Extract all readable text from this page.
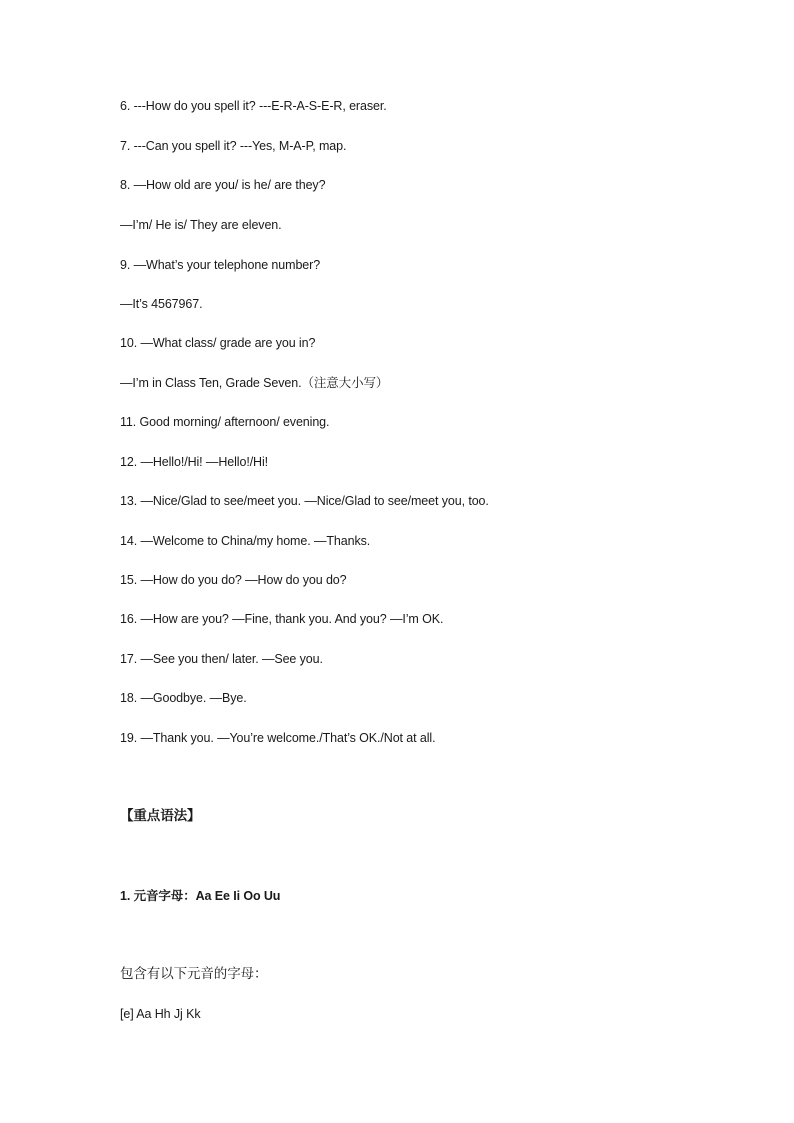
6. ---How do you spell it? ---E-R-A-S-E-R, eraser.
7. ---Can you spell it? ---Yes, M-A-P, map.
8. —How old are you/ is he/ are they?
—I’m/ He is/ They are eleven.
9. —What’s your telephone number?
—It’s 4567967.
10. —What class/ grade are you in?
—I’m in Class Ten, Grade Seven.（注意大小写）
11. Good morning/ afternoon/ evening.
12. —Hello!/Hi! —Hello!/Hi!
13. —Nice/Glad to see/meet you. —Nice/Glad to see/meet you, too.
14. —Welcome to China/my home. —Thanks.
15. —How do you do? —How do you do?
16. —How are you? —Fine, thank you. And you? —I’m OK.
17. —See you then/ later. —See you.
18. —Goodbye. —Bye.
19. —Thank you. —You’re welcome./That’s OK./Not at all.
【重点语法】
1. 元音字母：Aa Ee Ii Oo Uu
包含有以下元音的字母：
[e] Aa Hh Jj Kk
